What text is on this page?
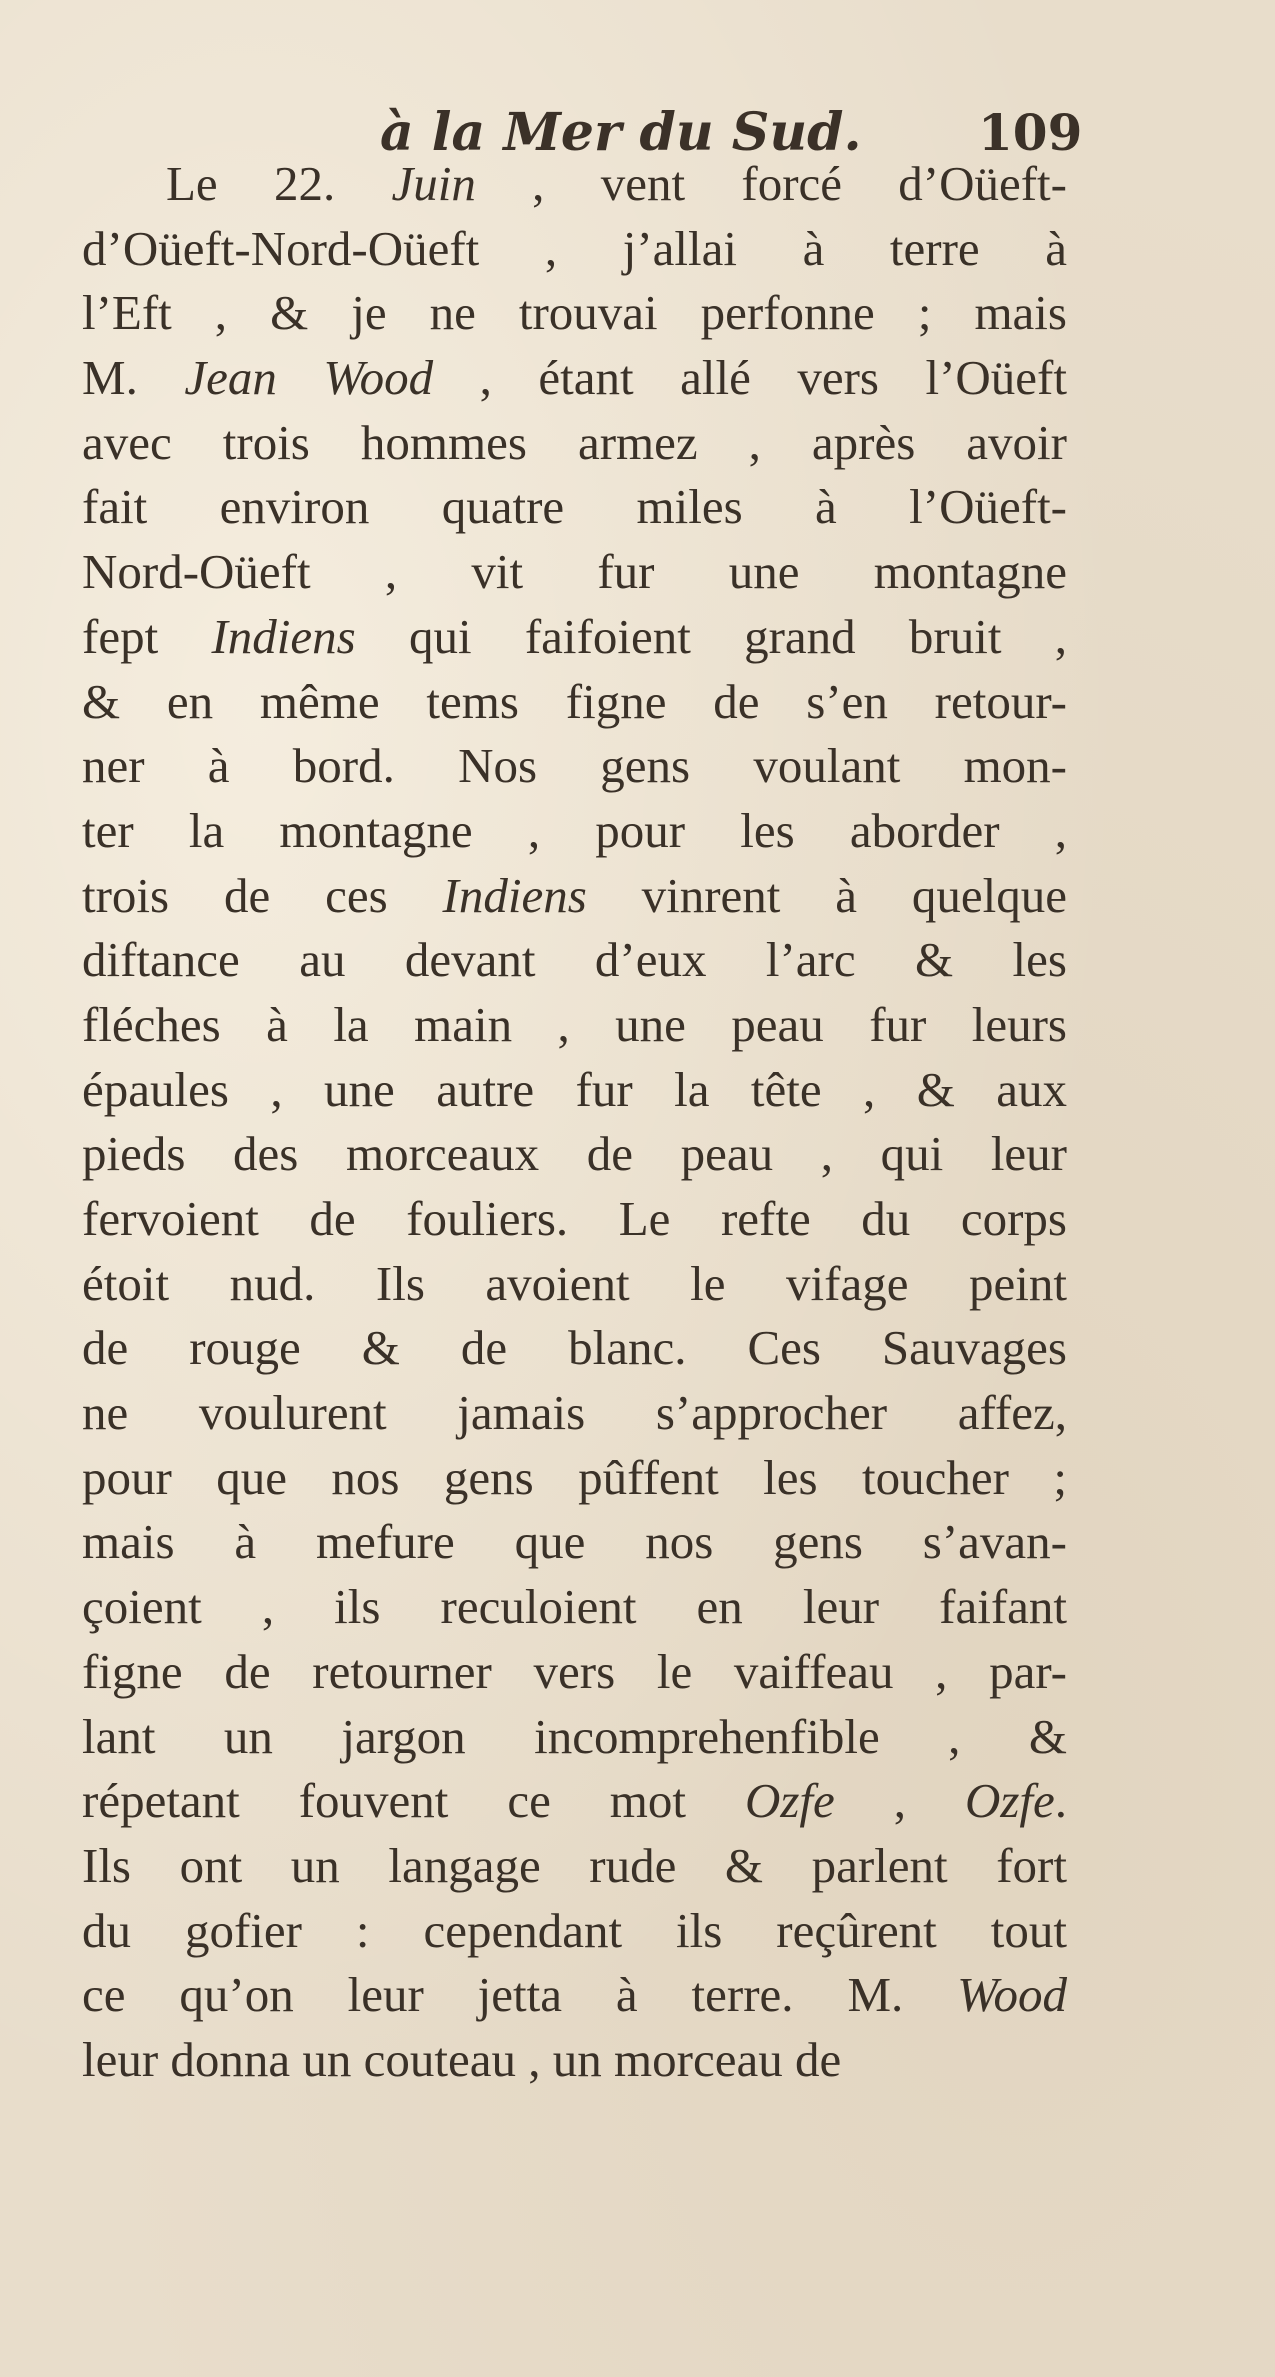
à la Mer du Sud. 109
Le 22. Juin , vent forcé d’Oüeft-
d’Oüeft-Nord-Oüeft , j’allai à terre à
l’Eft , & je ne trouvai perfonne ; mais
M. Jean Wood , étant allé vers l’Oüeft
avec trois hommes armez , après avoir
fait environ quatre miles à l’Oüeft-
Nord-Oüeft , vit fur une montagne
fept Indiens qui faifoient grand bruit ,
& en même tems figne de s’en retour-
ner à bord. Nos gens voulant mon-
ter la montagne , pour les aborder ,
trois de ces Indiens vinrent à quelque
diftance au devant d’eux l’arc & les
fléches à la main , une peau fur leurs
épaules , une autre fur la tête , & aux
pieds des morceaux de peau , qui leur
fervoient de fouliers. Le refte du corps
étoit nud. Ils avoient le vifage peint
de rouge & de blanc. Ces Sauvages
ne voulurent jamais s’approcher affez,
pour que nos gens pûffent les toucher ;
mais à mefure que nos gens s’avan-
çoient , ils reculoient en leur faifant
figne de retourner vers le vaiffeau , par-
lant un jargon incomprehenfible , &
répetant fouvent ce mot Ozfe , Ozfe.
Ils ont un langage rude & parlent fort
du gofier : cependant ils reçûrent tout
ce qu’on leur jetta à terre. M. Wood
leur donna un couteau , un morceau de
